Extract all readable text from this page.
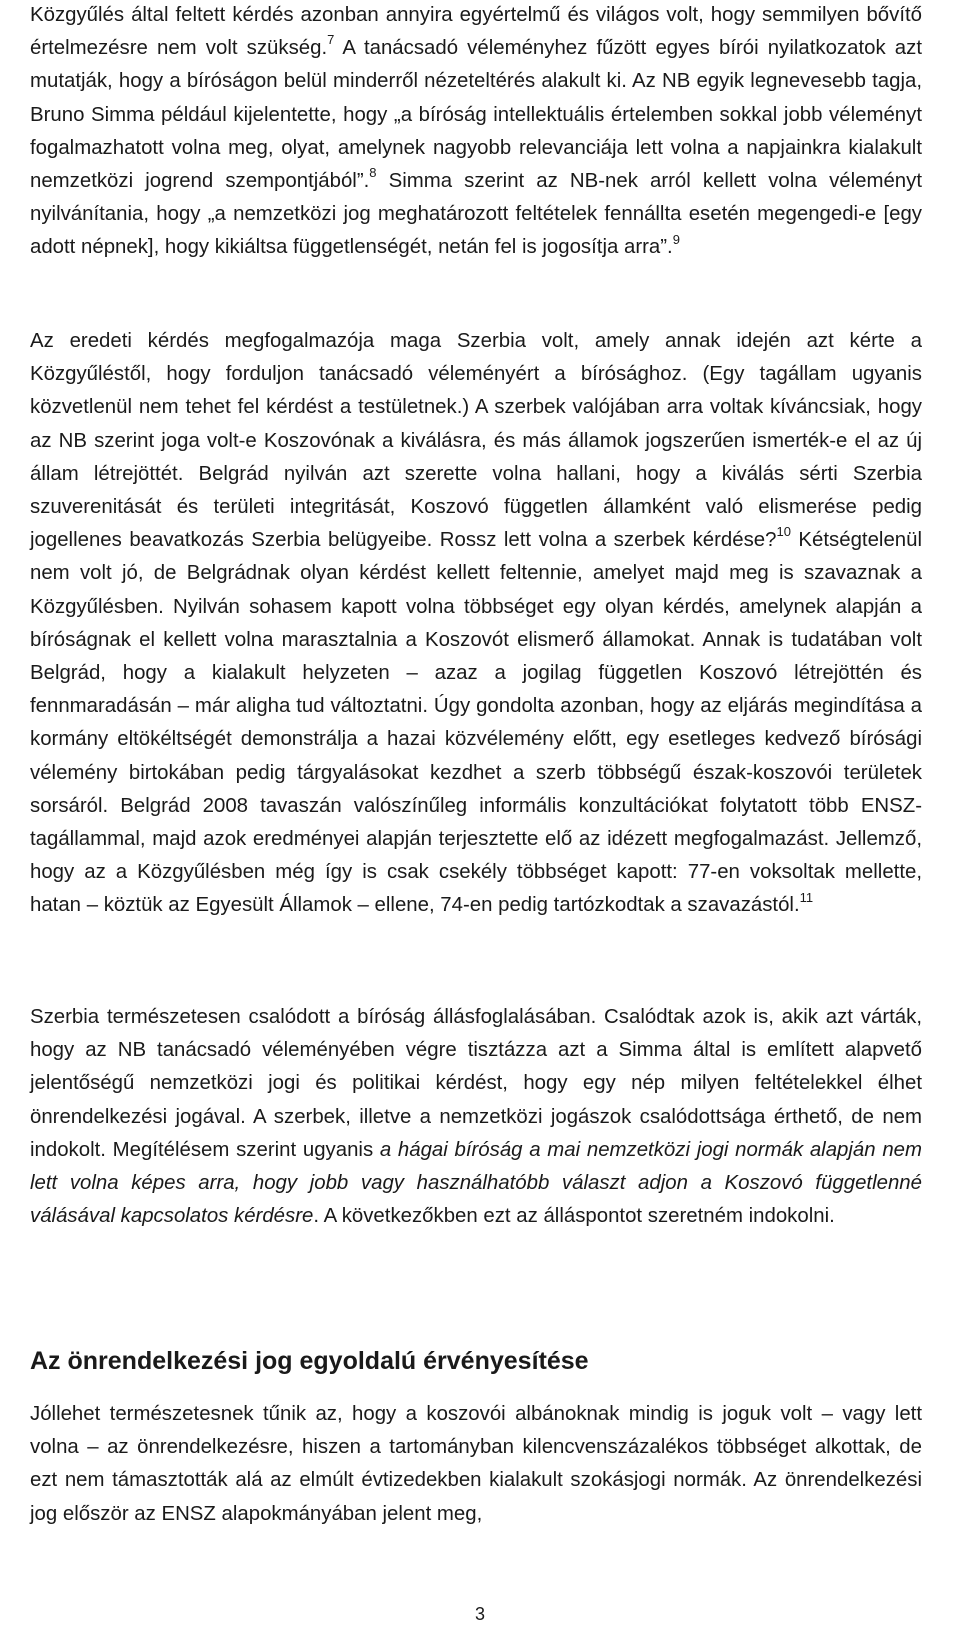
Közgyűlés által feltett kérdés azonban annyira egyértelmű és világos volt, hogy semmilyen bővítő értelmezésre nem volt szükség.$^7$ A tanácsadó véleményhez fűzött egyes bírói nyilatkozatok azt mutatják, hogy a bíróságon belül minderről nézeteltérés alakult ki. Az NB egyik legnevesebb tagja, Bruno Simma például kijelentette, hogy „a bíróság intellektuális értelemben sokkal jobb véleményt fogalmazhatott volna meg, olyat, amelynek nagyobb relevanciája lett volna a napjainkra kialakult nemzetközi jogrend szempontjából”.$^8$ Simma szerint az NB-nek arról kellett volna véleményt nyilvánítania, hogy „a nemzetközi jog meghatározott feltételek fennállta esetén megengedi-e [egy adott népnek], hogy kikiáltsa függetlenségét, netán fel is jogosítja arra”.$^9$

Az eredeti kérdés megfogalmazója maga Szerbia volt, amely annak idején azt kérte a Közgyűléstől, hogy forduljon tanácsadó véleményért a bírósághoz. (Egy tagállam ugyanis közvetlenül nem tehet fel kérdést a testületnek.) A szerbek valójában arra voltak kíváncsiak, hogy az NB szerint joga volt-e Koszovónak a kiválásra, és más államok jogszerűen ismerték-e el az új állam létrejöttét. Belgrád nyilván azt szerette volna hallani, hogy a kiválás sérti Szerbia szuverenitását és területi integritását, Koszovó független államként való elismerése pedig jogellenes beavatkozás Szerbia belügyeibe. Rossz lett volna a szerbek kérdése?$^{10}$ Kétségtelenül nem volt jó, de Belgrádnak olyan kérdést kellett feltennie, amelyet majd meg is szavaznak a Közgyűlésben. Nyilván sohasem kapott volna többséget egy olyan kérdés, amelynek alapján a bíróságnak el kellett volna marasztalnia a Koszovót elismerő államokat. Annak is tudatában volt Belgrád, hogy a kialakult helyzeten – azaz a jogilag független Koszovó létrejöttén és fennmaradásán – már aligha tud változtatni. Úgy gondolta azonban, hogy az eljárás megindítása a kormány eltökéltségét demonstrálja a hazai közvélemény előtt, egy esetleges kedvező bírósági vélemény birtokában pedig tárgyalásokat kezdhet a szerb többségű észak-koszovói területek sorsáról. Belgrád 2008 tavaszán valószínűleg informális konzultációkat folytatott több ENSZ-tagállammal, majd azok eredményei alapján terjesztette elő az idézett megfogalmazást. Jellemző, hogy az a Közgyűlésben még így is csak csekély többséget kapott: 77-en voksoltak mellette, hatan – köztük az Egyesült Államok – ellene, 74-en pedig tartózkodtak a szavazástól.$^{11}$

Szerbia természetesen csalódott a bíróság állásfoglalásában. Csalódtak azok is, akik azt várták, hogy az NB tanácsadó véleményében végre tisztázza azt a Simma által is említett alapvető jelentőségű nemzetközi jogi és politikai kérdést, hogy egy nép milyen feltételekkel élhet önrendelkezési jogával. A szerbek, illetve a nemzetközi jogászok csalódottsága érthető, de nem indokolt. Megítélésem szerint ugyanis a hágai bíróság a mai nemzetközi jogi normák alapján nem lett volna képes arra, hogy jobb vagy használhatóbb választ adjon a Koszovó függetlenné válásával kapcsolatos kérdésre. A következőkben ezt az álláspontot szeretném indokolni.

Az önrendelkezési jog egyoldalú érvényesítése

Jóllehet természetesnek tűnik az, hogy a koszovói albánoknak mindig is joguk volt – vagy lett volna – az önrendelkezésre, hiszen a tartományban kilencvenszázalékos többséget alkottak, de ezt nem támasztották alá az elmúlt évtizedekben kialakult szokásjogi normák. Az önrendelkezési jog először az ENSZ alapokmányában jelent meg,

3
